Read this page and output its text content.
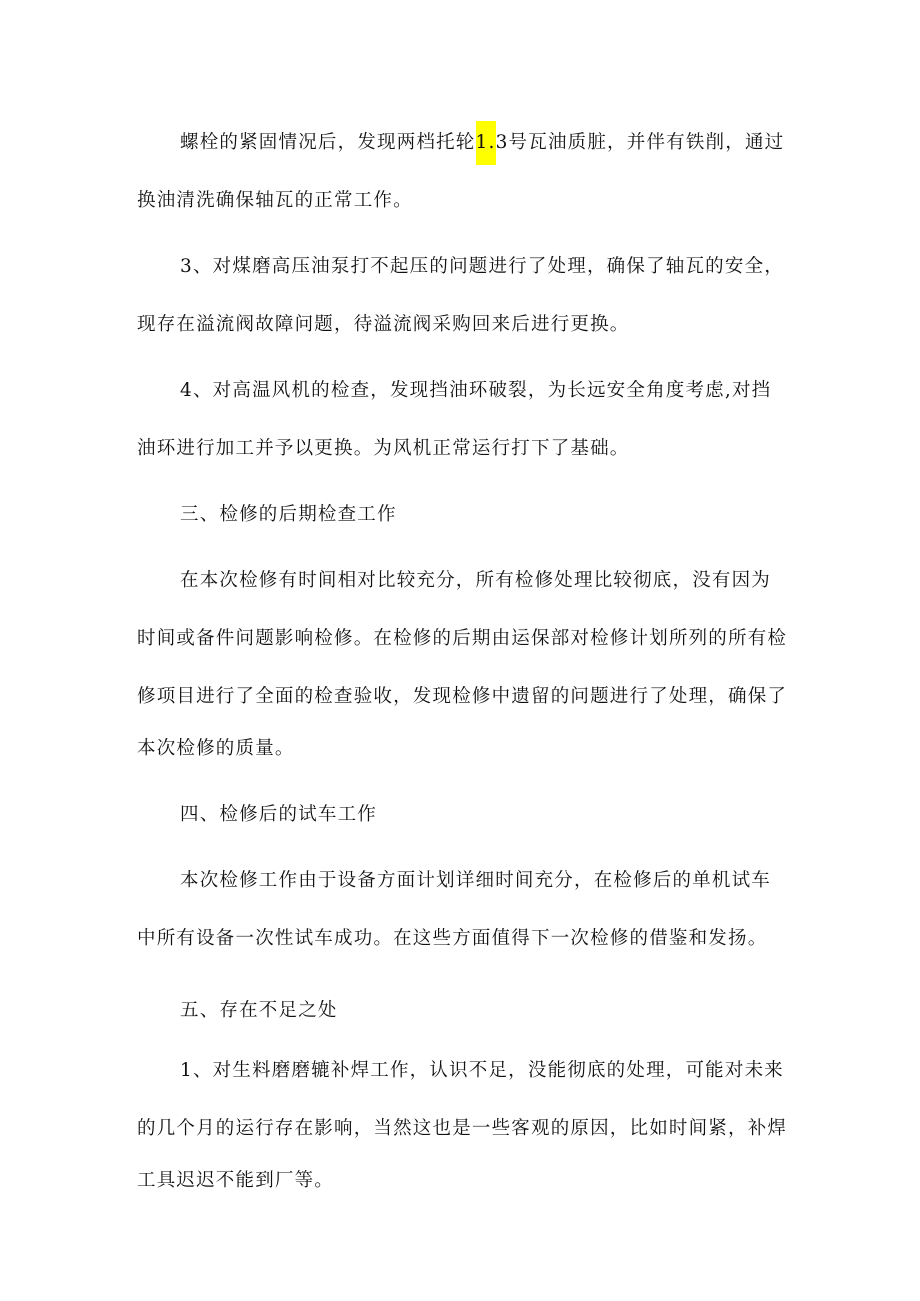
螺栓的紧固情况后，发现两档托轮1.3号瓦油质脏，并伴有铁削，通过
换油清洗确保轴瓦的正常工作。
3、对煤磨高压油泵打不起压的问题进行了处理，确保了轴瓦的安全，
现存在溢流阀故障问题，待溢流阀采购回来后进行更换。
4、对高温风机的检查，发现挡油环破裂，为长远安全角度考虑,对挡
油环进行加工并予以更换。为风机正常运行打下了基础。
三、检修的后期检查工作
在本次检修有时间相对比较充分，所有检修处理比较彻底，没有因为
时间或备件问题影响检修。在检修的后期由运保部对检修计划所列的所有检
修项目进行了全面的检查验收，发现检修中遗留的问题进行了处理，确保了
本次检修的质量。
四、检修后的试车工作
本次检修工作由于设备方面计划详细时间充分，在检修后的单机试车
中所有设备一次性试车成功。在这些方面值得下一次检修的借鉴和发扬。
五、存在不足之处
1、对生料磨磨辘补焊工作，认识不足，没能彻底的处理，可能对未来
的几个月的运行存在影响，当然这也是一些客观的原因，比如时间紧，补焊
工具迟迟不能到厂等。
